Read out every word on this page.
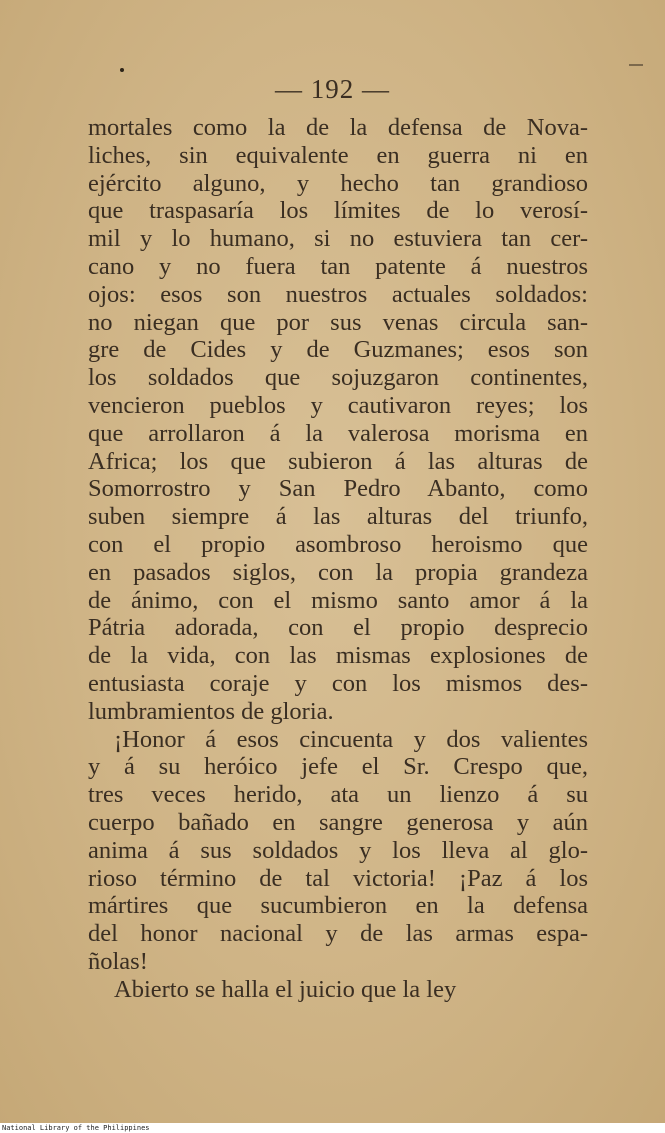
— 192 —
mortales como la de la defensa de Nova-
liches, sin equivalente en guerra ni en
ejército alguno, y hecho tan grandioso
que traspasaría los límites de lo verosí-
mil y lo humano, si no estuviera tan cer-
cano y no fuera tan patente á nuestros
ojos: esos son nuestros actuales soldados:
no niegan que por sus venas circula san-
gre de Cides y de Guzmanes; esos son
los soldados que sojuzgaron continentes,
vencieron pueblos y cautivaron reyes; los
que arrollaron á la valerosa morisma en
Africa; los que subieron á las alturas de
Somorrostro y San Pedro Abanto, como
suben siempre á las alturas del triunfo,
con el propio asombroso heroismo que
en pasados siglos, con la propia grandeza
de ánimo, con el mismo santo amor á la
Pátria adorada, con el propio desprecio
de la vida, con las mismas explosiones de
entusiasta coraje y con los mismos des-
lumbramientos de gloria.
¡Honor á esos cincuenta y dos valientes
y á su heróico jefe el Sr. Crespo que,
tres veces herido, ata un lienzo á su
cuerpo bañado en sangre generosa y aún
anima á sus soldados y los lleva al glo-
rioso término de tal victoria! ¡Paz á los
mártires que sucumbieron en la defensa
del honor nacional y de las armas espa-
ñolas!
Abierto se halla el juicio que la ley
National Library of the Philippines
